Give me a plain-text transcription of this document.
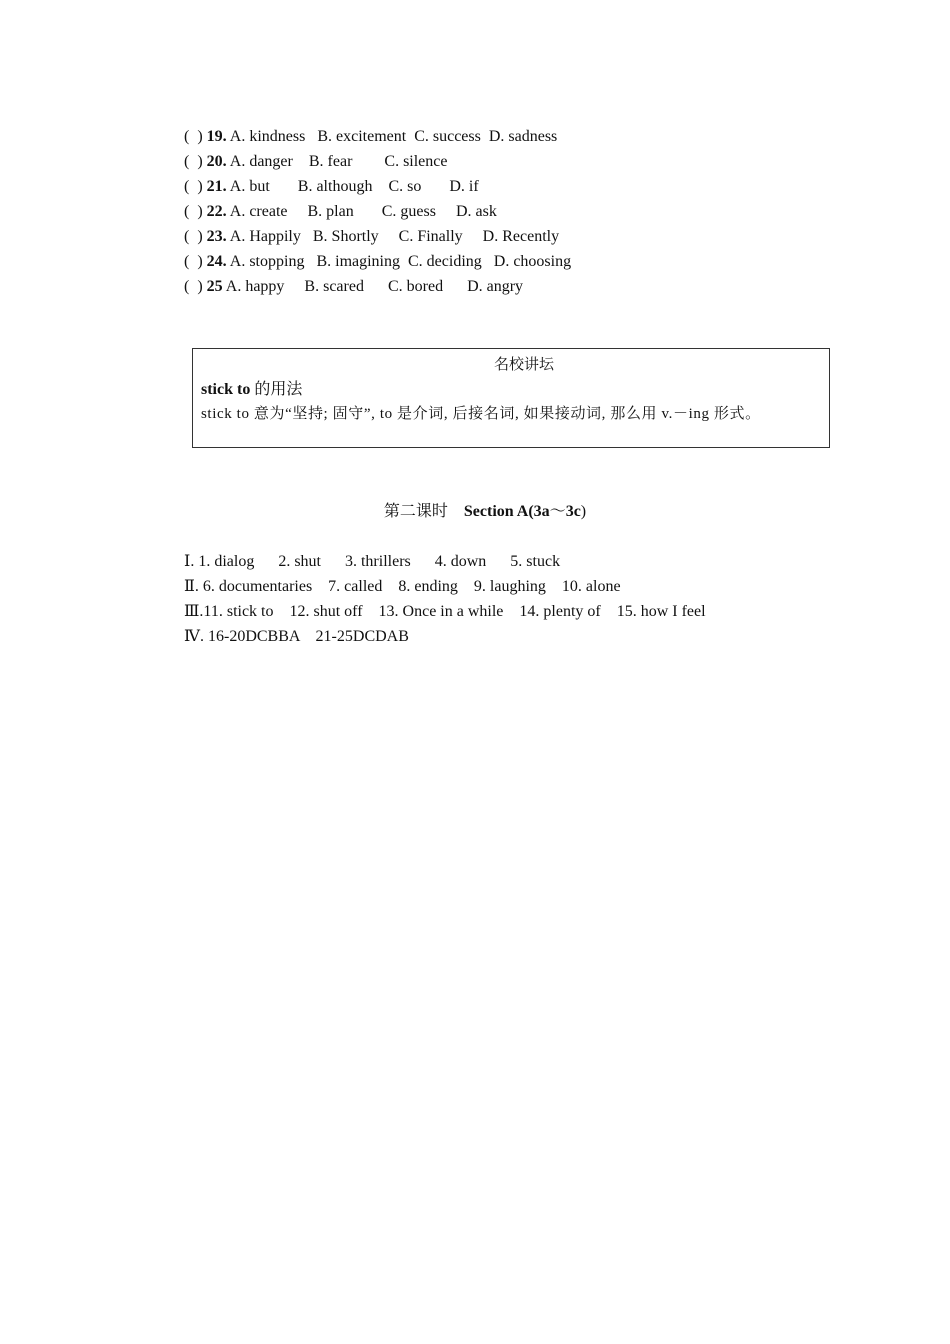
(  ) 19. A. kindness   B. excitement  C. success  D. sadness
(  ) 20. A. danger    B. fear        C. silence
(  ) 21. A. but       B. although    C. so       D. if
(  ) 22. A. create     B. plan       C. guess     D. ask
(  ) 23. A. Happily   B. Shortly     C. Finally     D. Recently
(  ) 24. A. stopping   B. imagining  C. deciding   D. choosing
(  ) 25 A. happy     B. scared      C. bored      D. angry
名校讲坛
stick to 的用法
stick to 意为“坚持; 固守”, to 是介词, 后接名词, 如果接动词, 那么用 v.－ing 形式。
第二课时    Section A(3a～3c)
Ⅰ. 1. dialog      2. shut      3. thrillers      4. down      5. stuck
Ⅱ. 6. documentaries    7. called    8. ending    9. laughing    10. alone
Ⅲ.11. stick to    12. shut off    13. Once in a while    14. plenty of    15. how I feel
Ⅳ. 16-20DCBBA    21-25DCDAB
